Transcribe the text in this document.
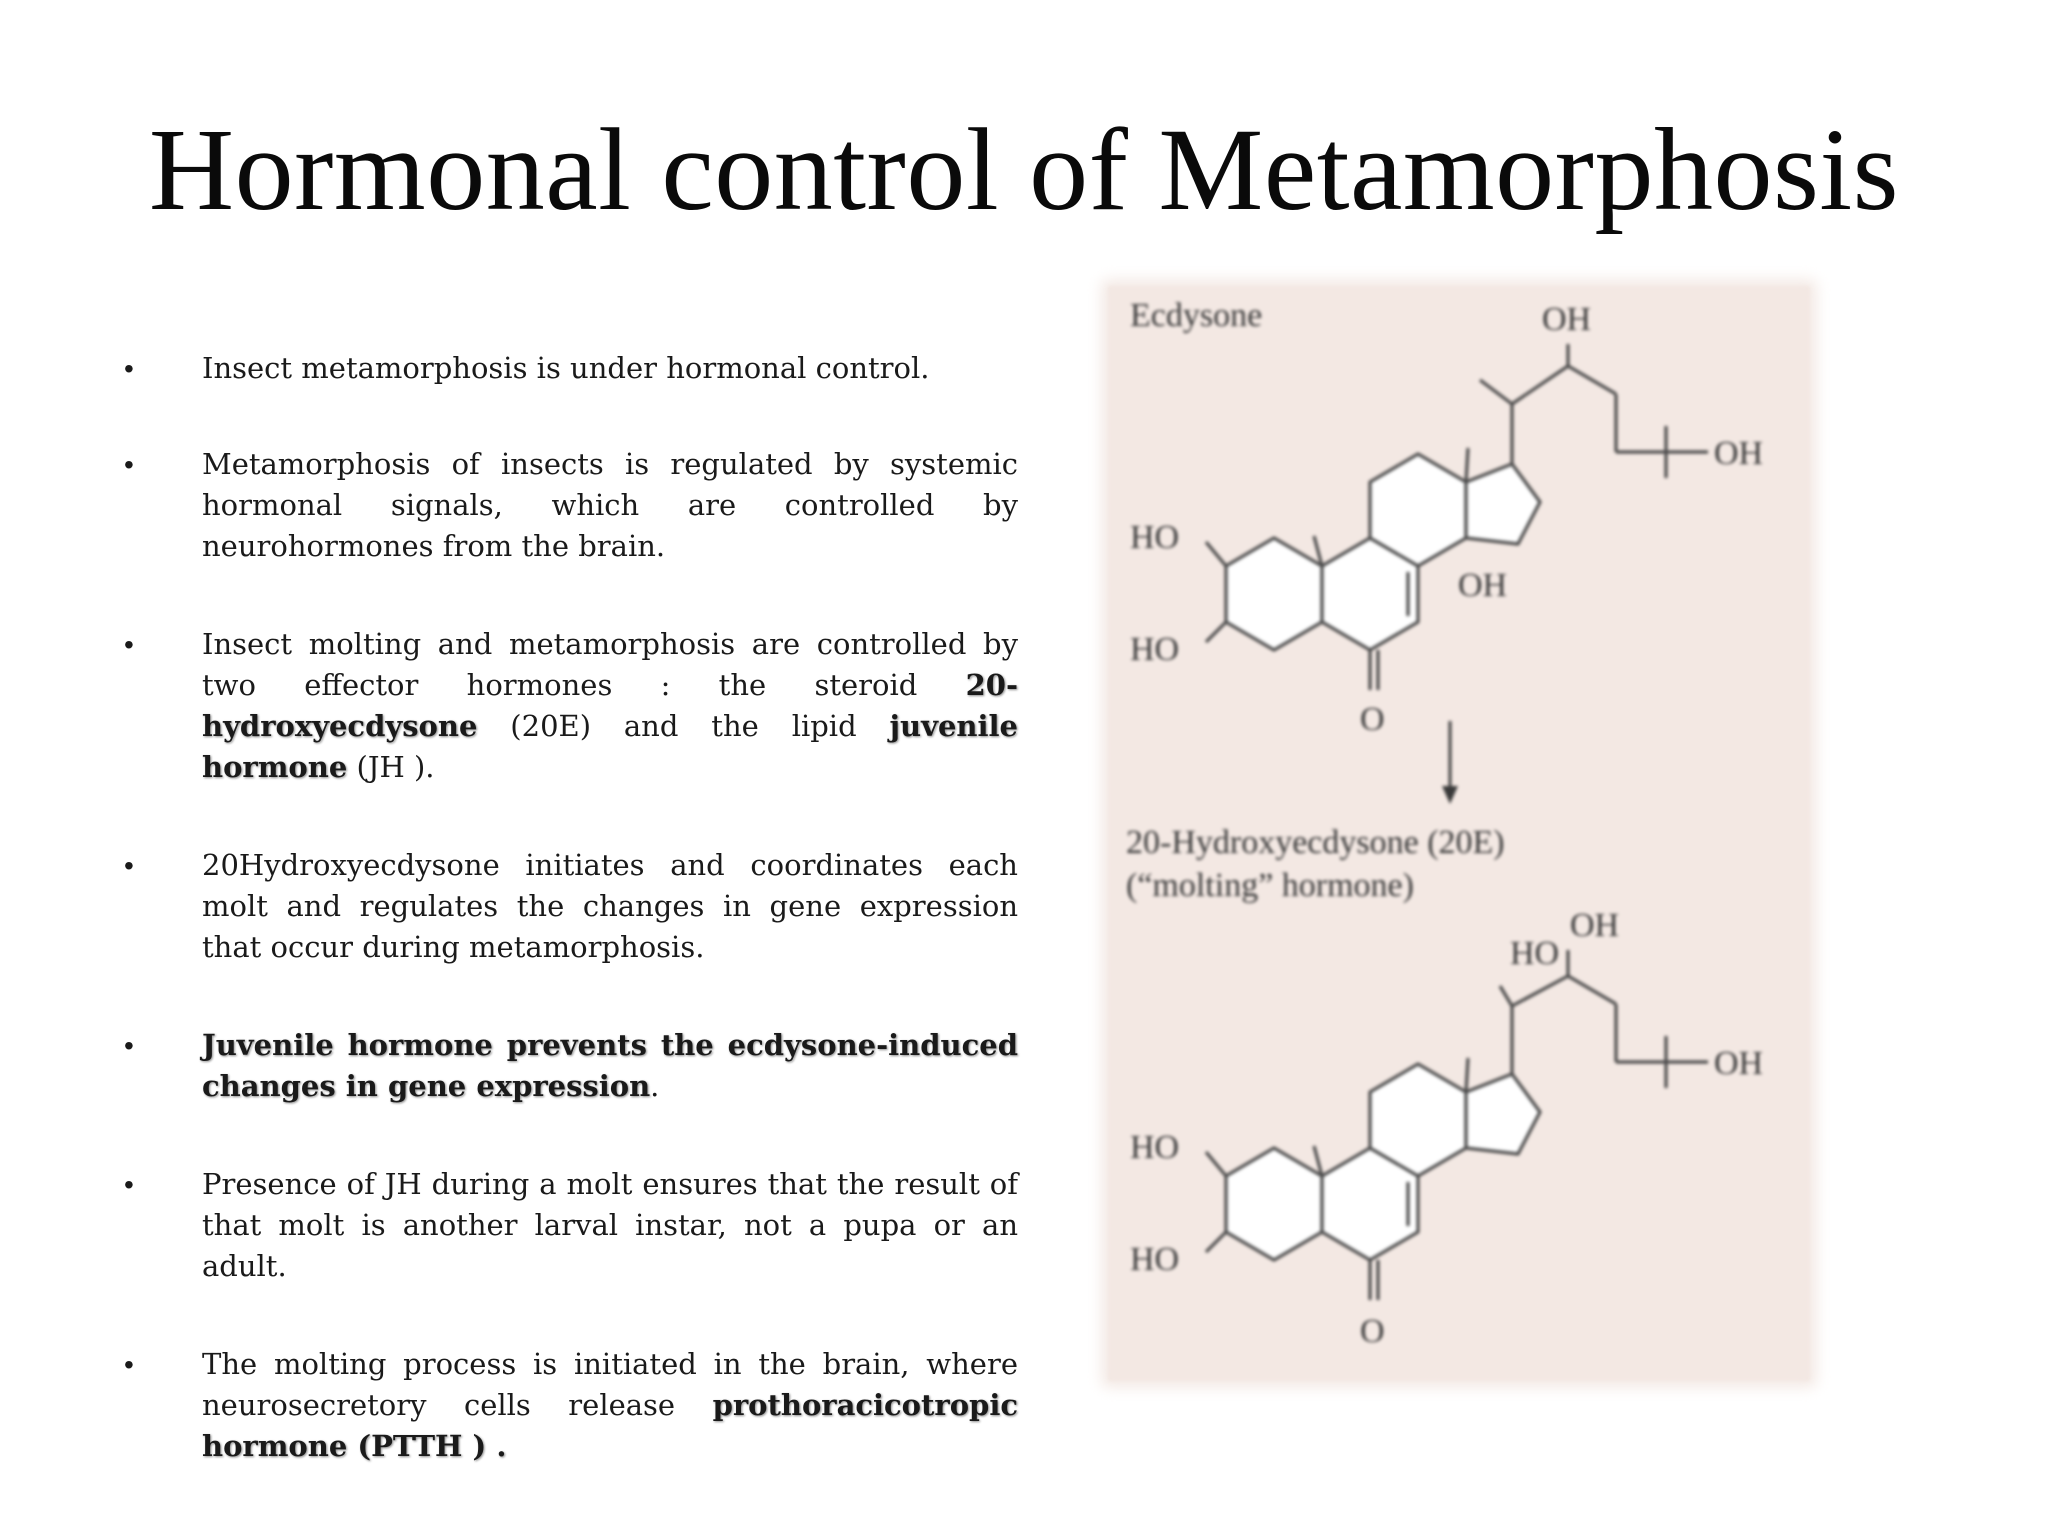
Hormonal control of Metamorphosis
• Insect metamorphosis is under hormonal control.
• Metamorphosis of insects is regulated by systemic hormonal signals, which are controlled by neurohormones from the brain.
• Insect molting and metamorphosis are controlled by two effector hormones : the steroid 20-hydroxyecdysone (20E) and the lipid juvenile hormone (JH ).
• 20Hydroxyecdysone initiates and coordinates each molt and regulates the changes in gene expression that occur during metamorphosis.
• Juvenile hormone prevents the ecdysone-induced changes in gene expression.
• Presence of JH during a molt ensures that the result of that molt is another larval instar, not a pupa or an adult.
• The molting process is initiated in the brain, where neurosecretory cells release prothoracicotropic hormone (PTTH ) .
Ecdysone
O
HO
HO
OH
OH
OH
20-Hydroxyecdysone (20E)
(“molting” hormone)
O
HO
HO
HO
OH
OH
